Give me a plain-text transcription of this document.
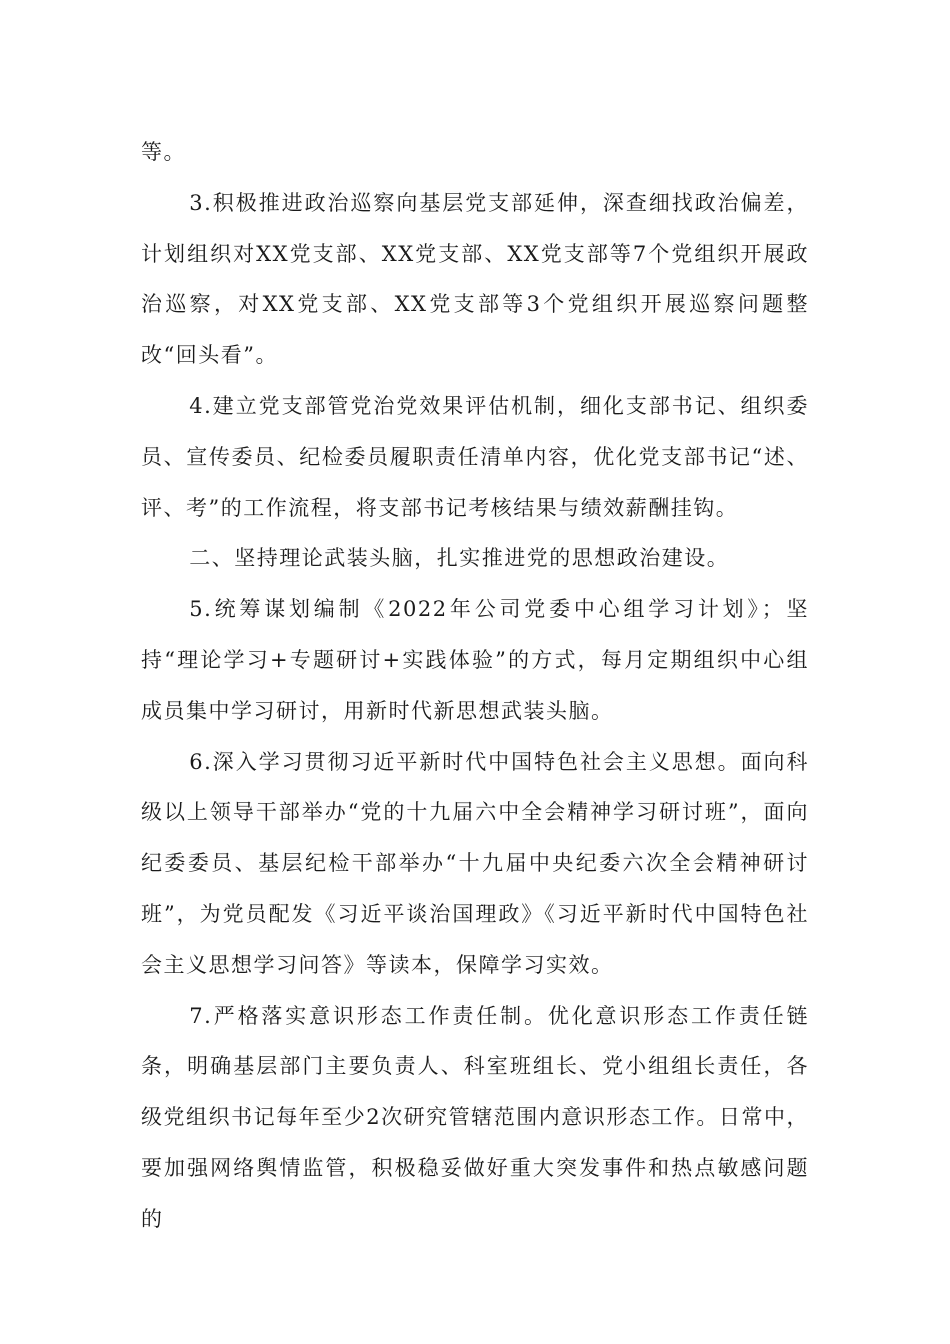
等。

3.积极推进政治巡察向基层党支部延伸，深查细找政治偏差，计划组织对XX党支部、XX党支部、XX党支部等7个党组织开展政治巡察，对XX党支部、XX党支部等3个党组织开展巡察问题整改“回头看”。

4.建立党支部管党治党效果评估机制，细化支部书记、组织委员、宣传委员、纪检委员履职责任清单内容，优化党支部书记“述、评、考”的工作流程，将支部书记考核结果与绩效薪酬挂钩。

二、坚持理论武装头脑，扎实推进党的思想政治建设。

5.统筹谋划编制《2022年公司党委中心组学习计划》；坚持“理论学习+专题研讨+实践体验”的方式，每月定期组织中心组成员集中学习研讨，用新时代新思想武装头脑。

6.深入学习贯彻习近平新时代中国特色社会主义思想。面向科级以上领导干部举办“党的十九届六中全会精神学习研讨班”，面向纪委委员、基层纪检干部举办“十九届中央纪委六次全会精神研讨班”，为党员配发《习近平谈治国理政》《习近平新时代中国特色社会主义思想学习问答》等读本，保障学习实效。

7.严格落实意识形态工作责任制。优化意识形态工作责任链条，明确基层部门主要负责人、科室班组长、党小组组长责任，各级党组织书记每年至少2次研究管辖范围内意识形态工作。日常中，要加强网络舆情监管，积极稳妥做好重大突发事件和热点敏感问题的
